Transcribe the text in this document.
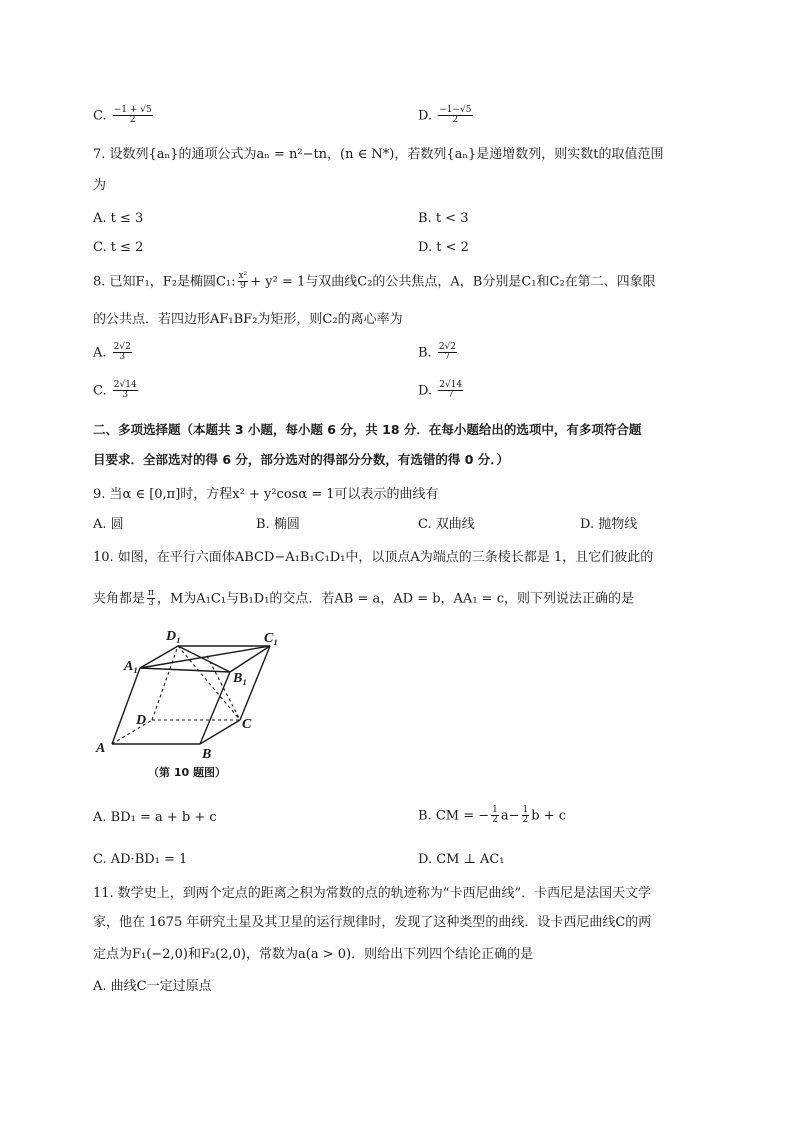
C. $\frac{-1 + √5}{2}$	D. $\frac{-1-√5}{2}$
7. 设数列{aₙ}的通项公式为aₙ = n²−tn，(n ∈ N*)，若数列{aₙ}是递增数列，则实数t的取值范围
为
A. t ≤ 3	B. t < 3
C. t ≤ 2	D. t < 2
8. 已知F₁，F₂是椭圆C₁: $\frac{\text{x²}}{9} + y^2 = 1$与双曲线C₂的公共焦点，A，B分别是C₁和C₂在第二、四象限
的公共点．若四边形AF₁BF₂为矩形，则C₂的离心率为
A. $\frac{2√2}{3}$	B. $\frac{2√2}{7}$
C. $\frac{2√14}{3}$	D. $\frac{2√14}{7}$
二、多项选择题（本题共 3 小题，每小题 6 分，共 18 分．在每小题给出的选项中，有多项符合题
目要求．全部选对的得 6 分，部分选对的得部分分数，有选错的得 0 分．）
9. 当α ∈ [0,π]时，方程x² + y²cosα = 1可以表示的曲线有
A. 圆	B. 椭圆	C. 双曲线	D. 抛物线
10. 如图，在平行六面体ABCD−A₁B₁C₁D₁中，以顶点A为端点的三条棱长都是 1，且它们彼此的
夹角都是 $\frac{\pi}{3}$ ，M为A₁C₁与B₁D₁的交点．若AB = a，AD = b，AA₁ = c，则下列说法正确的是
A	B
C
D
A₁
B₁
C₁
D₁
（第 10 题图）
A. BD₁ = a + b + c	B. CM = − $\frac{1}{2} a- \frac{1}{2}$ b + c
C. AD·BD₁ = 1	D. CM ⊥ AC₁
11. 数学史上，到两个定点的距离之积为常数的点的轨迹称为“卡西尼曲线”．卡西尼是法国天文学
家，他在 1675 年研究土星及其卫星的运行规律时，发现了这种类型的曲线．设卡西尼曲线C的两
定点为F₁(−2,0)和F₂(2,0)，常数为a(a > 0)．则给出下列四个结论正确的是
A. 曲线C一定过原点
